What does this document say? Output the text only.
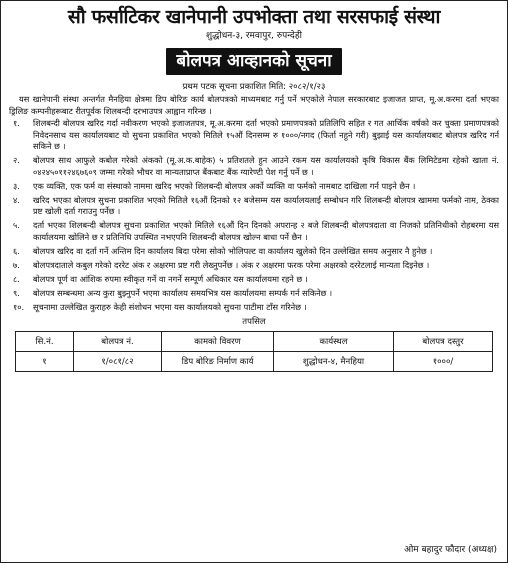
सौ फर्साटिकर खानेपानी उपभोक्ता तथा सरसफाई संस्था
शुद्धोधन-३, रमवापुर, रुपन्देही
बोलपत्र आव्हानको सूचना
प्रथम पटक सूचना प्रकाशित मिति: २०८२/१/२३

यस खानेपानी संस्था अन्तर्गत मैनहिया क्षेत्रमा डिप बोरिङ कार्य बोलपत्रको माध्यमबाट गर्नु पर्ने भएकोले नेपाल सरकारबाट इजाजत प्राप्त, मू.अ.करमा दर्ता भएका ड्रिलिङ कम्पनीहरूबाट रीतपूर्वक शिलबन्दी दरभाउपत्र आह्वान गरिन्छ ।

१.	शिलबन्दी बोलपत्र खरिद गर्दा नवीकरण भएको इजाजतपत्र, मू.अ.करमा दर्ता भएको प्रमाणपत्रको प्रतिलिपि सहित र गत आर्थिक वर्षको कर चुक्ता प्रमाणपत्रको निवेदनसाथ यस कार्यालयबाट यो सुचना प्रकाशित भएको मितिले १५औं दिनसम्म रु १०००/नगद (फिर्ता नहुने गरी) बुझाई यस कार्यालयबाट बोलपत्र खरिद गर्न सकिने छ ।
२.	बोलपत्र साथ आफुले कबोल गरेको अंकको (मू.अ.क.बाहेक) ५ प्रतिशतले हुन आउने रकम यस कार्यालयको कृषि विकास बैंक लिमिटेडमा रहेको खाता नं. ०४२४५०११२४६७६०९ जम्मा गरेको भौचर वा मान्यताप्राप्त बैंकबाट बैंक ग्यारेण्टी पेश गर्नु पर्ने छ ।
३.	एक व्यक्ति, एक फर्म वा संस्थाको नाममा खरिद भएको शिलबन्दी बोलपत्र अर्को व्यक्ति वा फर्मको नामबाट दाखिला गर्न पाइने छैन ।
४.	खरिद भएका बोलपत्र सुचना प्रकाशित भएको मितिले १६औं दिनको १२ बजेसम्म यस कार्यालयलाई सम्बोधन गरि शिलबन्दी बोलपत्र खाममा फर्मको नाम, ठेक्का प्रष्ट खोली दर्ता गराउनु पर्नेछ ।
५.	दर्ता भएका शिलबन्दी बोलपत्र सुचना प्रकाशित भएको मितिले १६औं दिन दिनको अपरान्ह २ बजे शिलबन्दी बोलपत्रदाता वा निजको प्रतिनिधीको रोहबरमा यस कार्यालयमा खोलिने छ र प्रतिनिधि उपस्थित नभएपनि शिलबन्दी बोलपत्र खोल्न बाधा पर्ने छैन ।
६.	बोलपत्र खरिद वा दर्ता गर्ने अन्तिम दिन कार्यालय बिदा परेमा सोको भोलिपल्ट वा कार्यालय खुलेको दिन उल्लेखित समय अनुसार नै हुनेछ ।
७.	बोलपत्रदाताले कबुल गरेको दररेट अंक र अक्षरमा प्रष्ट गरी लेख्नुपर्नेछ । अंक र अक्षरमा फरक परेमा अक्षरको दररेटलाई मान्यता दिइनेछ ।
८.	बोलपत्र पूर्ण वा आंशिक रुपमा स्वीकृत गर्ने वा नगर्ने सम्पूर्ण अधिकार यस कार्यालयमा रहने छ ।
९.	बोलपत्र सम्बन्धमा अन्य कुरा बुझ्नुपर्ने भएमा कार्यालय समयभित्र यस कार्यालयमा सम्पर्क गर्न सकिनेछ ।
१०.	सूचनामा उल्लेखित कुराहरु केही संशोधन भएमा यस कार्यालयको सुचना पाटीमा टाँस गरिनेछ ।
तपसिल
सि.नं.	बोलपत्र नं.	कामको विवरण	कार्यस्थल	बोलपत्र दस्तुर
१	१/०८१/८२	डिप बोरिङ निर्माण कार्य	शुद्धोधन-४, मैनहिया	१०००/
ओम बहादुर फौदार (अध्यक्ष)
